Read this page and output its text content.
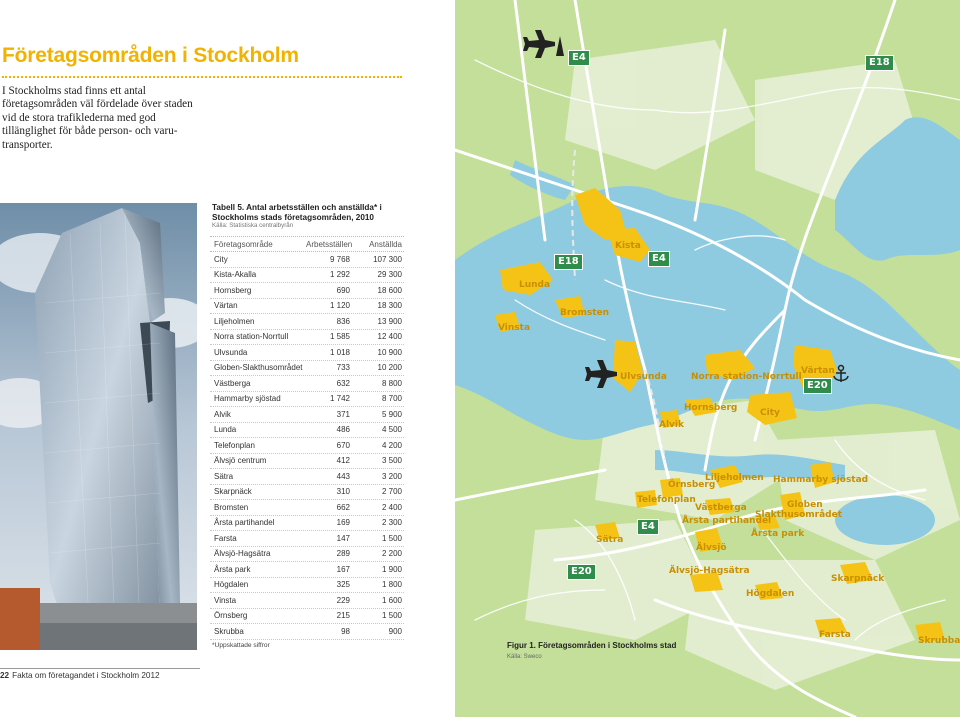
Företagsområden i Stockholm
I Stockholms stad finns ett antal företagsområden väl fördelade över staden vid de stora trafiklederna med god tillänglighet för både person- och varu-transporter.
Tabell 5. Antal arbetsställen och anställda* i Stockholms stads företagsområden, 2010
Källa: Statistiska centralbyrån
Företagsområde	Arbetsställen	Anställda
City	9 768	107 300
Kista-Akalla	1 292	29 300
Hornsberg	690	18 600
Värtan	1 120	18 300
Liljeholmen	836	13 900
Norra station-Norrtull	1 585	12 400
Ulvsunda	1 018	10 900
Globen-Slakthusområdet	733	10 200
Västberga	632	8 800
Hammarby sjöstad	1 742	8 700
Alvik	371	5 900
Lunda	486	4 500
Telefonplan	670	4 200
Älvsjö centrum	412	3 500
Sätra	443	3 200
Skarpnäck	310	2 700
Bromsten	662	2 400
Årsta partihandel	169	2 300
Farsta	147	1 500
Älvsjö-Hagsätra	289	2 200
Årsta park	167	1 900
Högdalen	325	1 800
Vinsta	229	1 600
Örnsberg	215	1 500
Skrubba	98	900
*Uppskattade siffror
22 Fakta om företagandet i Stockholm 2012
E4	E18
E18	E4
E20
E4
E20
Kista
Lunda
Bromsten
Vinsta
Ulvsunda	Norra station-Norrtull
Värtan
Hornsberg	City
Alvik
Liljeholmen Hammarby sjöstad
Örnsberg
Telefonplan
Västberga	Globen
Slakthusområdet
Årsta partihandel
Årsta park
Sätra
Älvsjö
Älvsjö-Hagsätra
Skarpnäck
Högdalen
Farsta
Skrubba
Figur 1. Företagsområden i Stockholms stad
Källa: Sweco
